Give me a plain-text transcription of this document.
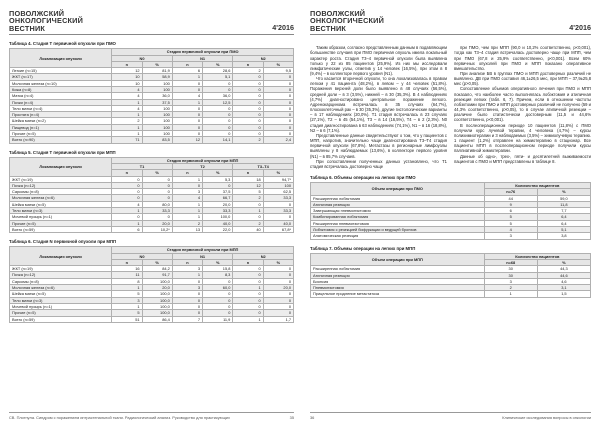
ПОВОЛЖСКИЙ
ОНКОЛОГИЧЕСКИЙ
ВЕСТНИК	4'2016
Таблица 4. Стадия Т первичной опухоли при ПМО
Локализация опухоли	Стадия первичной опухоли при ПМО					
	N0		N1		N2	
	n	%	n	%	n	%
Легкие (n=15)	12	81,9	6	28,6	2	9,5
ЖКТ (n=17)	10	58,9	1	5,1	0	0
Молочная железа (n=10)	10	100	0	0	0	0
Кожа (n=8)	4	100	0	0	0	0
Матка (n=4)	4	36,0	4	36,0	0	0
Почки (n=4)	1	37,5	1	12,5	0	0
Тело матки (n=4)	4	100	0	0	0	0
Простата (n=4)	1	100	0	0	0	0
Шейка матки (n=2)	2	100	0	0	0	0
Пищевод (n=1)	1	100	0	0	0	0
Прочие (n=5)	1	100	0	0	0	0
Всего (n=90)	71	83,5	12	14,1	2	2,4
Таблица 5. Стадия Т первичной опухоли при МПП
Локализация опухоли	Стадия первичной опухоли при МПП					
	T1		T2		T3–T4	
	n	%	n	%	n	%
ЖКТ (n=19)	0	0	1	5,3	18	94,7*
Почка (n=12)	0	0	0	0	12	100
Саркомы (n=8)	0	0	3	37,5	5	62,5
Молочная железа (n=6)	0	0	4	66,7	2	33,3
Шейка матки (n=5)	4	80,0	1	20,0	0	0
Тело матки (n=3)	1	33,3	1	33,3	1	33,3
Мочевой пузырь (n=1)	0	0	1	100,0	0	0
Прочие (n=5)	1	20,0	2	40,0	2	40,0
Всего (n=59)	6	10,2*	13	22,0	40	67,8*
Таблица 6. Стадия N первичной опухоли при МПП
Локализация опухоли	Стадия первичной опухоли при МПП					
	N0		N1		N2	
	n	%	n	%	n	%
ЖКТ (n=19)	16	84,2	3	15,8	0	0
Почка (n=12)	11	91,7	1	8,3	0	0
Саркомы (n=8)	8	100,0	0	0	0	0
Молочная железа (n=6)	1	20,0	3	60,0	1	20,0
Шейка матки (n=5)	5	100,0	0	0	0	0
Тело матки (n=3)	3	100,0	0	0	0	0
Мочевой пузырь (n=1)	1	100,0	0	0	0	0
Прочие (n=5)	5	100,0	0	0	0	0
Всего (n=59)	51	86,4	7	11,9	1	1,7
СВ. Плотнула. Синдром с поражением интрастенальной ткани. Радиологический анализ. Руководство для практикующих	35
ПОВОЛЖСКИЙ
ОНКОЛОГИЧЕСКИЙ
ВЕСТНИК	4'2016

Таким образом, согласно представленным данным в подавляющем большинстве случаев при ПМО первичная опухоль имела локальный характер роста. Стадия T3–4 первичной опухоли была выявлена только у 22 из 85 пациентов (25,9%). Из них мы исследовали лимфатические узлы, отметив у 14 человек (16,5%), при этом в 8 (9,4%) – в коллекторе первого уровня (N1).

Что касается вторичной опухоли, то она локализовалась в правом легком у 41 пациента (48,2%), в левом – у 44 человек (51,8%). Поражения верхней доли было выявлено в 48 случаях (56,5%), средней доли – в 3 (3,5%), нижней – в 30 (35,3%). В 4 наблюдениях (4,7%) диагностировано центральное поражение легкого. Адренокарцинома встречалась в 35 случаях (64,7%), плоскоклеточный рак – в 30 (35,3%), другие гистологические варианты – в 17 наблюдениях (20,0%). Т1 стадия встречалась в 23 случаях (27,1%), Т2 – в 45 (54,1%), Т3 – в 14 (16,5%), Т4 – в 2 (2,3%). N0 стадия диагностирована в 63 наблюдениях (74,1%), N1 – в 16 (18,8%), N2 – в 6 (7,1%).

Представленные данные свидетельствуют о том, что у пациентов с МПП, напротив, значительно чаще диагностирована Т3–Т4 стадия первичной опухоли (67,8%). Метастазы в регионарные лимфоузлы выявлены у 8 наблюдаемых (13,6%), в коллекторе первого уровня (N1) – в 85,7% случаев.

При сопоставлении полученных данных установлено, что Т1 стадия встречалась достоверно чаще

при ПМО, чем при МПП (90,0 и 10,2% соответственно, p<0,001), тогда как Т3–4 стадия встречалась достоверно чаще при МПП, чем при ПМО (67,8 и 25,9% соответственно, p<0,001). Всем 60% первичных опухолей при ПМО и МПП показано оперативное вмешательство.

При анализе БВ в группах ПМО и МПП достоверных различий не выявлено. ДВ при ПМО составил 46,1±26,5 мес, при МПП – 37,9±25,8 мес (p>0,05).

Сопоставление объемов оперативного лечения при ПМО и МПП показало, что наиболее часто выполнялась лобэктомия и атипичная резекция легких (табл. 6, 7). Причем, если в отношении частоты лобэктомии при ПМО и МПП достоверных различий не получено (59 и 44,3% соответственно, p>0,05), то в случае атипичной резекции – различие было статистически достоверным (11,5 и 44,6% соответственно, p<0,001).

В послеоперационном периоде 10 пациентов (11,8%) с ПМО получили курс лучевой терапии, 4 человека (4,7%) – курсы полихимиотерапии и 3 наблюдаемых (3,5%) – химиолучевую терапию. 1 пациент (1,2%) отправлен на химиотерапию в стационар. Все пациенты МПП в послеоперационном периоде получили курсы паллиативной химиотерапии.

Данные об одно-, трех-, пяти- и десятилетней выживаемости пациентов с ПМО и МПП представлены в таблице 8.

Таблица 6. Объемы операции на легких при ПМО
Объем операции при ПМО	Количество пациентов	
	n=76	%
Расширенная лобэктомия	44	59,0
Атипичная резекция	9	11,8
Завершающая пневмонэктомия	6	7,7
Комбинированная лобэктомия	5	6,4
Расширенная пневмонэктомия	5	6,4
Лобэктомия с резекцией бифуркации и ведущей бронхов	4	5,1
Анатомическая резекция	3	3,8
Таблица 7. Объемы операции на легких при МПП
Объем операции при МПП	Количество пациентов	
	n=68	%
Расширенная лобэктомия	30	44,3
Атипичная резекция	30	44,6
Биопсия	3	4,6
Пневмонэктомия	2	3,1
Прицельное продление метастатоза	1	1,5
36	Клинические исследования вопросы в онкологии
